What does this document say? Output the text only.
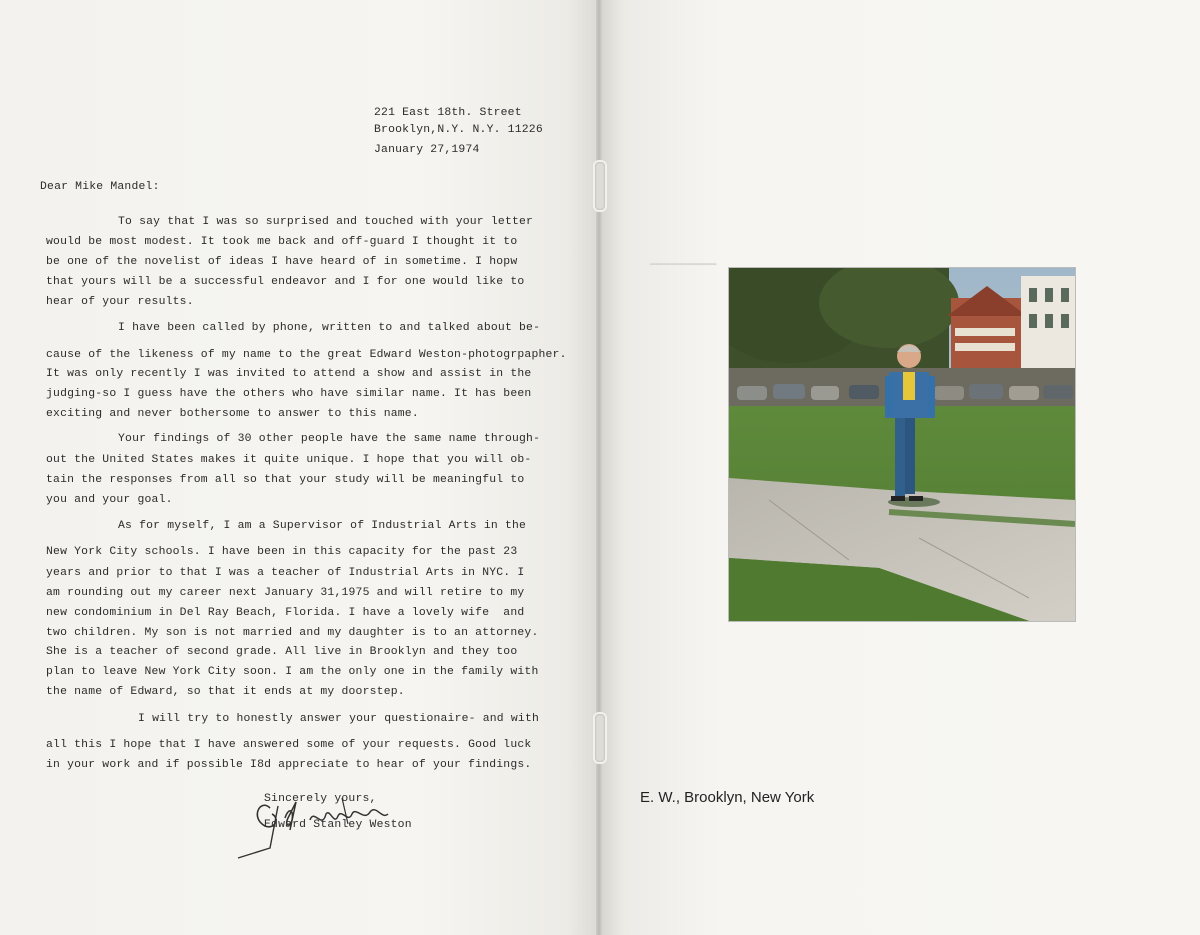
221 East 18th. Street
Brooklyn,N.Y. N.Y. 11226
January 27,1974
Dear Mike Mandel:
To say that I was so surprised and touched with your letter
would be most modest. It took me back and off-guard I thought it to
be one of the novelist of ideas I have heard of in sometime. I hopw
that yours will be a successful endeavor and I for one would like to
hear of your results.
I have been called by phone, written to and talked about be-
cause of the likeness of my name to the great Edward Weston-photogrpapher.
It was only recently I was invited to attend a show and assist in the
judging-so I guess have the others who have similar name. It has been
exciting and never bothersome to answer to this name.
Your findings of 30 other people have the same name through-
out the United States makes it quite unique. I hope that you will ob-
tain the responses from all so that your study will be meaningful to
you and your goal.
As for myself, I am a Supervisor of Industrial Arts in the
New York City schools. I have been in this capacity for the past 23
years and prior to that I was a teacher of Industrial Arts in NYC. I
am rounding out my career next January 31,1975 and will retire to my
new condominium in Del Ray Beach, Florida. I have a lovely wife  and
two children. My son is not married and my daughter is to an attorney.
She is a teacher of second grade. All live in Brooklyn and they too
plan to leave New York City soon. I am the only one in the family with
the name of Edward, so that it ends at my doorstep.
I will try to honestly answer your questionaire- and with
all this I hope that I have answered some of your requests. Good luck
in your work and if possible I8d appreciate to hear of your findings.
Sincerely yours,
Edward Stanley Weston
━━━━━━━━━━
E. W., Brooklyn, New York
